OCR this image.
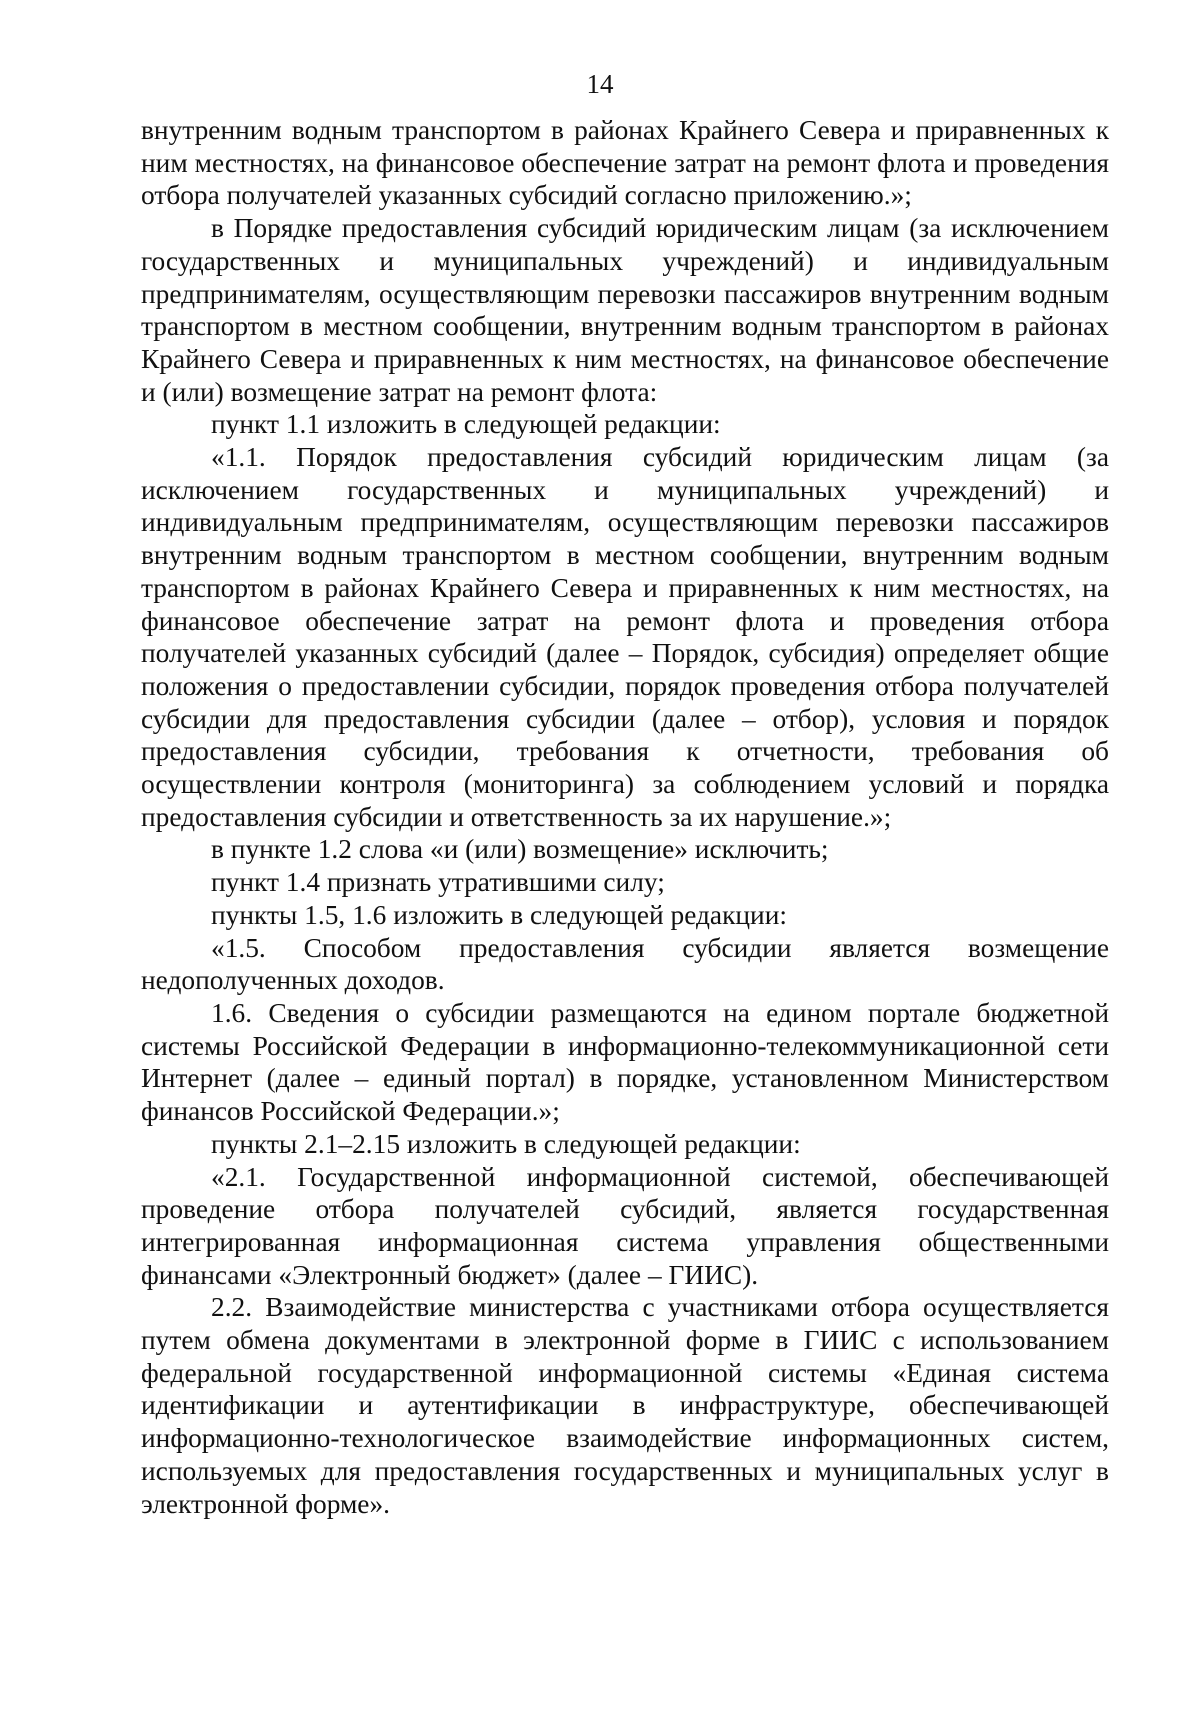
14

внутренним водным транспортом в районах Крайнего Севера и приравненных к ним местностях, на финансовое обеспечение затрат на ремонт флота и проведения отбора получателей указанных субсидий согласно приложению.»;

в Порядке предоставления субсидий юридическим лицам (за исключением государственных и муниципальных учреждений) и индивидуальным предпринимателям, осуществляющим перевозки пассажиров внутренним водным транспортом в местном сообщении, внутренним водным транспортом в районах Крайнего Севера и приравненных к ним местностях, на финансовое обеспечение и (или) возмещение затрат на ремонт флота:

пункт 1.1 изложить в следующей редакции:

«1.1. Порядок предоставления субсидий юридическим лицам (за исключением государственных и муниципальных учреждений) и индивидуальным предпринимателям, осуществляющим перевозки пассажиров внутренним водным транспортом в местном сообщении, внутренним водным транспортом в районах Крайнего Севера и приравненных к ним местностях, на финансовое обеспечение затрат на ремонт флота и проведения отбора получателей указанных субсидий (далее – Порядок, субсидия) определяет общие положения о предоставлении субсидии, порядок проведения отбора получателей субсидии для предоставления субсидии (далее – отбор), условия и порядок предоставления субсидии, требования к отчетности, требования об осуществлении контроля (мониторинга) за соблюдением условий и порядка предоставления субсидии и ответственность за их нарушение.»;

в пункте 1.2 слова «и (или) возмещение» исключить;

пункт 1.4 признать утратившими силу;

пункты 1.5, 1.6 изложить в следующей редакции:

«1.5. Способом предоставления субсидии является возмещение недополученных доходов.

1.6. Сведения о субсидии размещаются на едином портале бюджетной системы Российской Федерации в информационно-телекоммуникационной сети Интернет (далее – единый портал) в порядке, установленном Министерством финансов Российской Федерации.»;

пункты 2.1–2.15 изложить в следующей редакции:

«2.1. Государственной информационной системой, обеспечивающей проведение отбора получателей субсидий, является государственная интегрированная информационная система управления общественными финансами «Электронный бюджет» (далее – ГИИС).

2.2. Взаимодействие министерства с участниками отбора осуществляется путем обмена документами в электронной форме в ГИИС с использованием федеральной государственной информационной системы «Единая система идентификации и аутентификации в инфраструктуре, обеспечивающей информационно-технологическое взаимодействие информационных систем, используемых для предоставления государственных и муниципальных услуг в электронной форме».
